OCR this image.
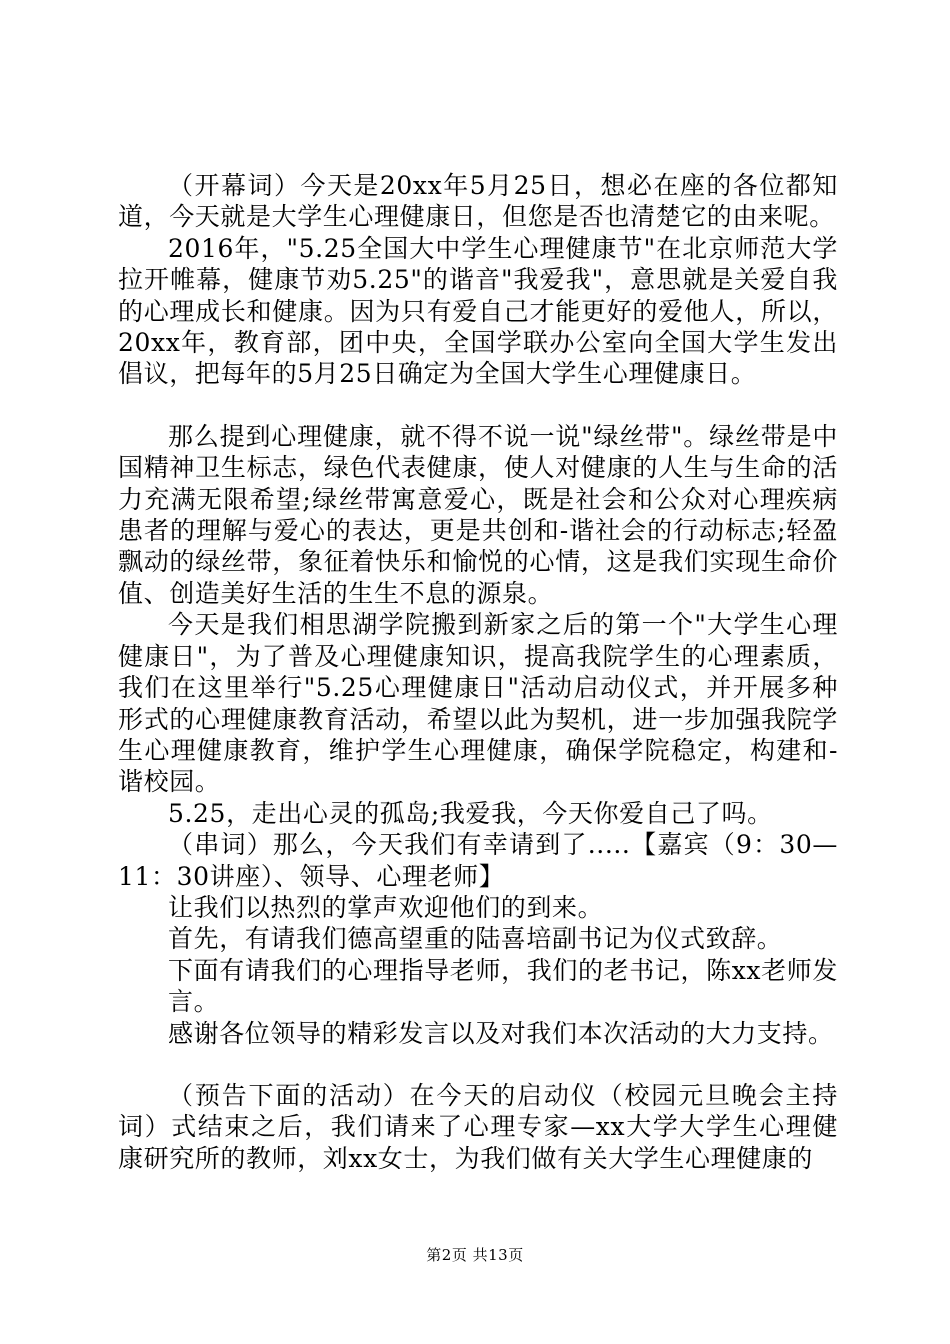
（开幕词）今天是20xx年5月25日，想必在座的各位都知道，今天就是大学生心理健康日，但您是否也清楚它的由来呢。

2016年，"5.25全国大中学生心理健康节"在北京师范大学拉开帷幕，健康节劝5.25"的谐音"我爱我"，意思就是关爱自我的心理成长和健康。因为只有爱自己才能更好的爱他人，所以，20xx年，教育部，团中央，全国学联办公室向全国大学生发出倡议，把每年的5月25日确定为全国大学生心理健康日。

那么提到心理健康，就不得不说一说"绿丝带"。绿丝带是中国精神卫生标志，绿色代表健康，使人对健康的人生与生命的活力充满无限希望;绿丝带寓意爱心，既是社会和公众对心理疾病患者的理解与爱心的表达，更是共创和-谐社会的行动标志;轻盈飘动的绿丝带，象征着快乐和愉悦的心情，这是我们实现生命价值、创造美好生活的生生不息的源泉。

今天是我们相思湖学院搬到新家之后的第一个"大学生心理健康日"，为了普及心理健康知识，提高我院学生的心理素质，我们在这里举行"5.25心理健康日"活动启动仪式，并开展多种形式的心理健康教育活动，希望以此为契机，进一步加强我院学生心理健康教育，维护学生心理健康，确保学院稳定，构建和-谐校园。

5.25，走出心灵的孤岛;我爱我，今天你爱自己了吗。

（串词）那么，今天我们有幸请到了.....【嘉宾（9：30—11：30讲座）、领导、心理老师】

让我们以热烈的掌声欢迎他们的到来。

首先，有请我们德高望重的陆喜培副书记为仪式致辞。

下面有请我们的心理指导老师，我们的老书记，陈xx老师发言。

感谢各位领导的精彩发言以及对我们本次活动的大力支持。

（预告下面的活动）在今天的启动仪（校园元旦晚会主持词）式结束之后，我们请来了心理专家—xx大学大学生心理健康研究所的教师，刘xx女士，为我们做有关大学生心理健康的

第2页 共13页
